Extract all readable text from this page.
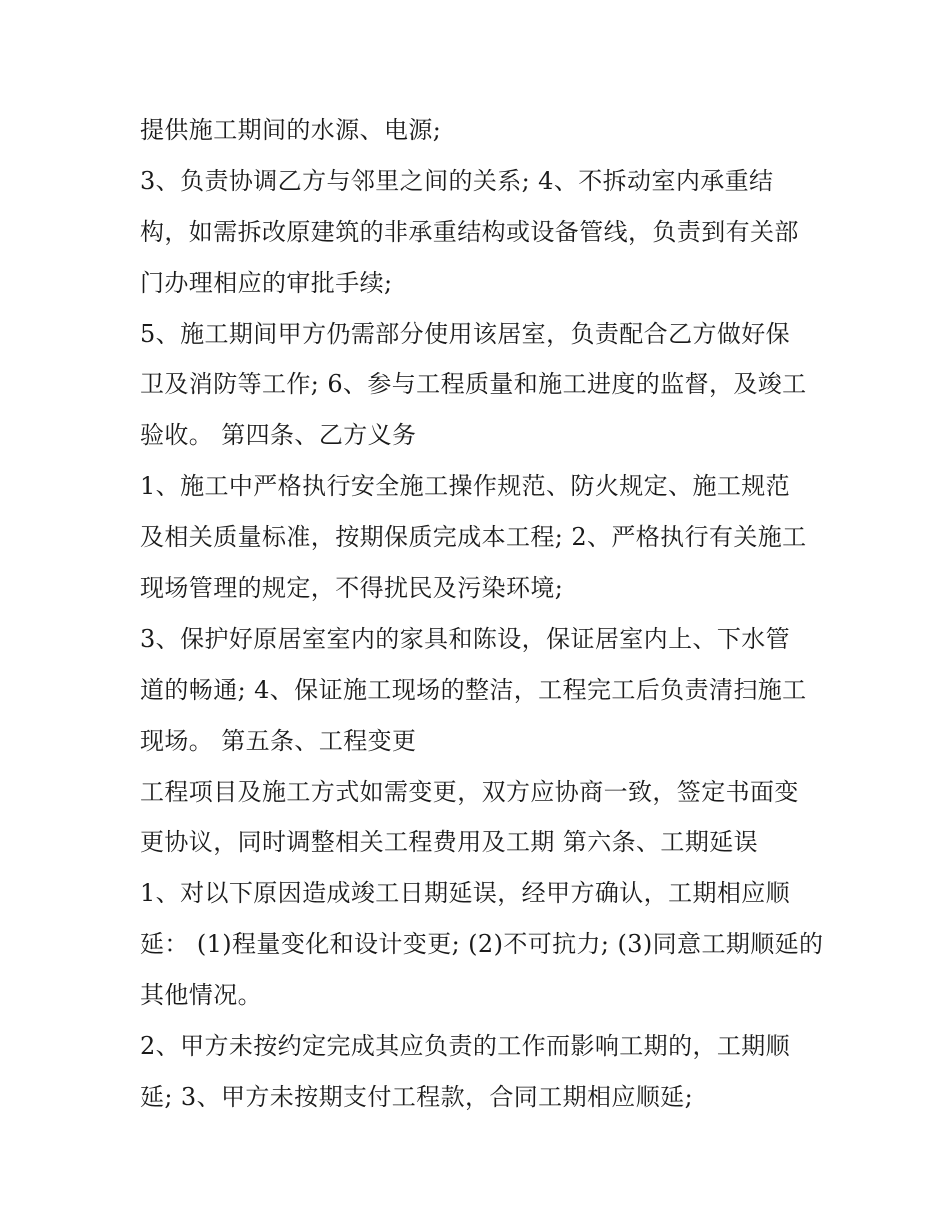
提供施工期间的水源、电源;
3、负责协调乙方与邻里之间的关系; 4、不拆动室内承重结
构，如需拆改原建筑的非承重结构或设备管线，负责到有关部
门办理相应的审批手续;
5、施工期间甲方仍需部分使用该居室，负责配合乙方做好保
卫及消防等工作; 6、参与工程质量和施工进度的监督，及竣工
验收。 第四条、乙方义务
1、施工中严格执行安全施工操作规范、防火规定、施工规范
及相关质量标准，按期保质完成本工程; 2、严格执行有关施工
现场管理的规定，不得扰民及污染环境;
3、保护好原居室室内的家具和陈设，保证居室内上、下水管
道的畅通; 4、保证施工现场的整洁，工程完工后负责清扫施工
现场。 第五条、工程变更
工程项目及施工方式如需变更，双方应协商一致，签定书面变
更协议，同时调整相关工程费用及工期 第六条、工期延误
1、对以下原因造成竣工日期延误，经甲方确认，工期相应顺
延： (1)程量变化和设计变更; (2)不可抗力; (3)同意工期顺延的
其他情况。
2、甲方未按约定完成其应负责的工作而影响工期的，工期顺
延; 3、甲方未按期支付工程款，合同工期相应顺延;
